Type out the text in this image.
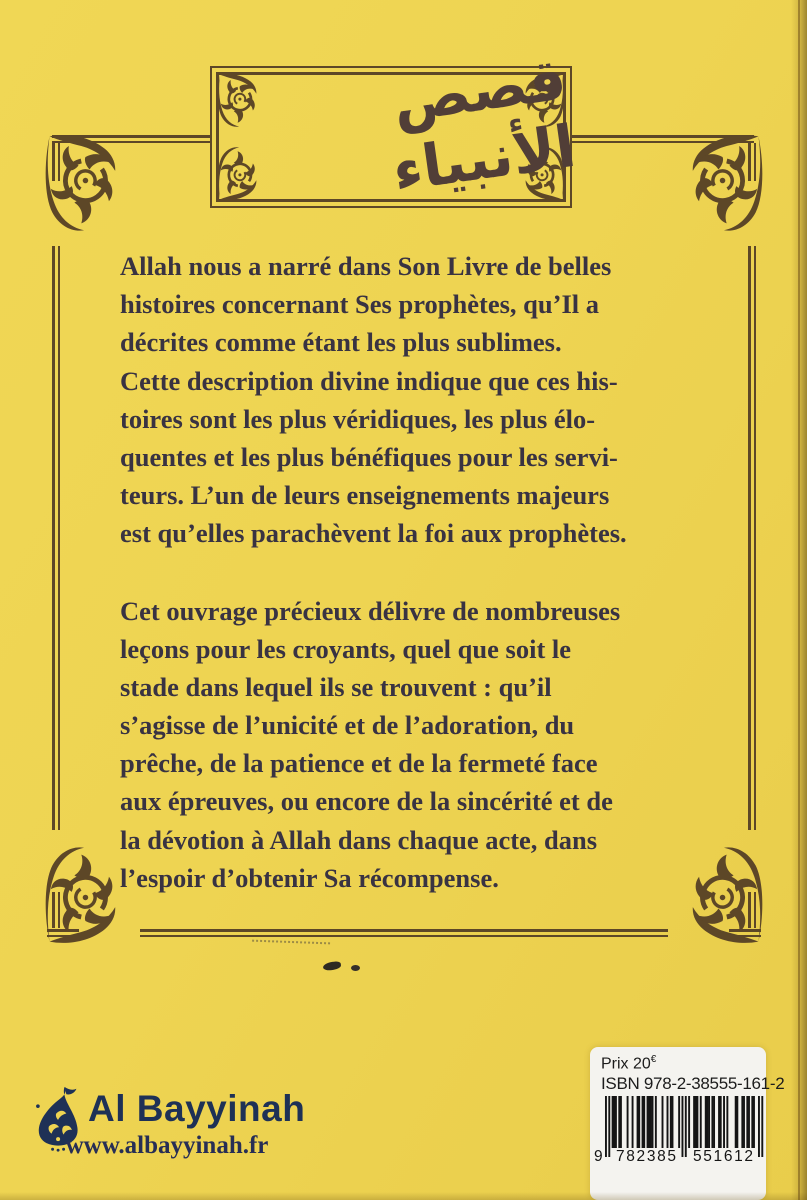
قصص الأنبياء
Allah nous a narré dans Son Livre de belles
histoires concernant Ses prophètes, qu’Il a
décrites comme étant les plus sublimes.
Cette description divine indique que ces his-
toires sont les plus véridiques, les plus élo-
quentes et les plus bénéfiques pour les servi-
teurs. L’un de leurs enseignements majeurs
est qu’elles parachèvent la foi aux prophètes.
Cet ouvrage précieux délivre de nombreuses
leçons pour les croyants, quel que soit le
stade dans lequel ils se trouvent : qu’il
s’agisse de l’unicité et de l’adoration, du
prêche, de la patience et de la fermeté face
aux épreuves, ou encore de la sincérité et de
la dévotion à Allah dans chaque acte, dans
l’espoir d’obtenir Sa récompense.
Al Bayyinah
www.albayyinah.fr
Prix 20€
ISBN 978-2-38555-161-2
9 782385 551612
